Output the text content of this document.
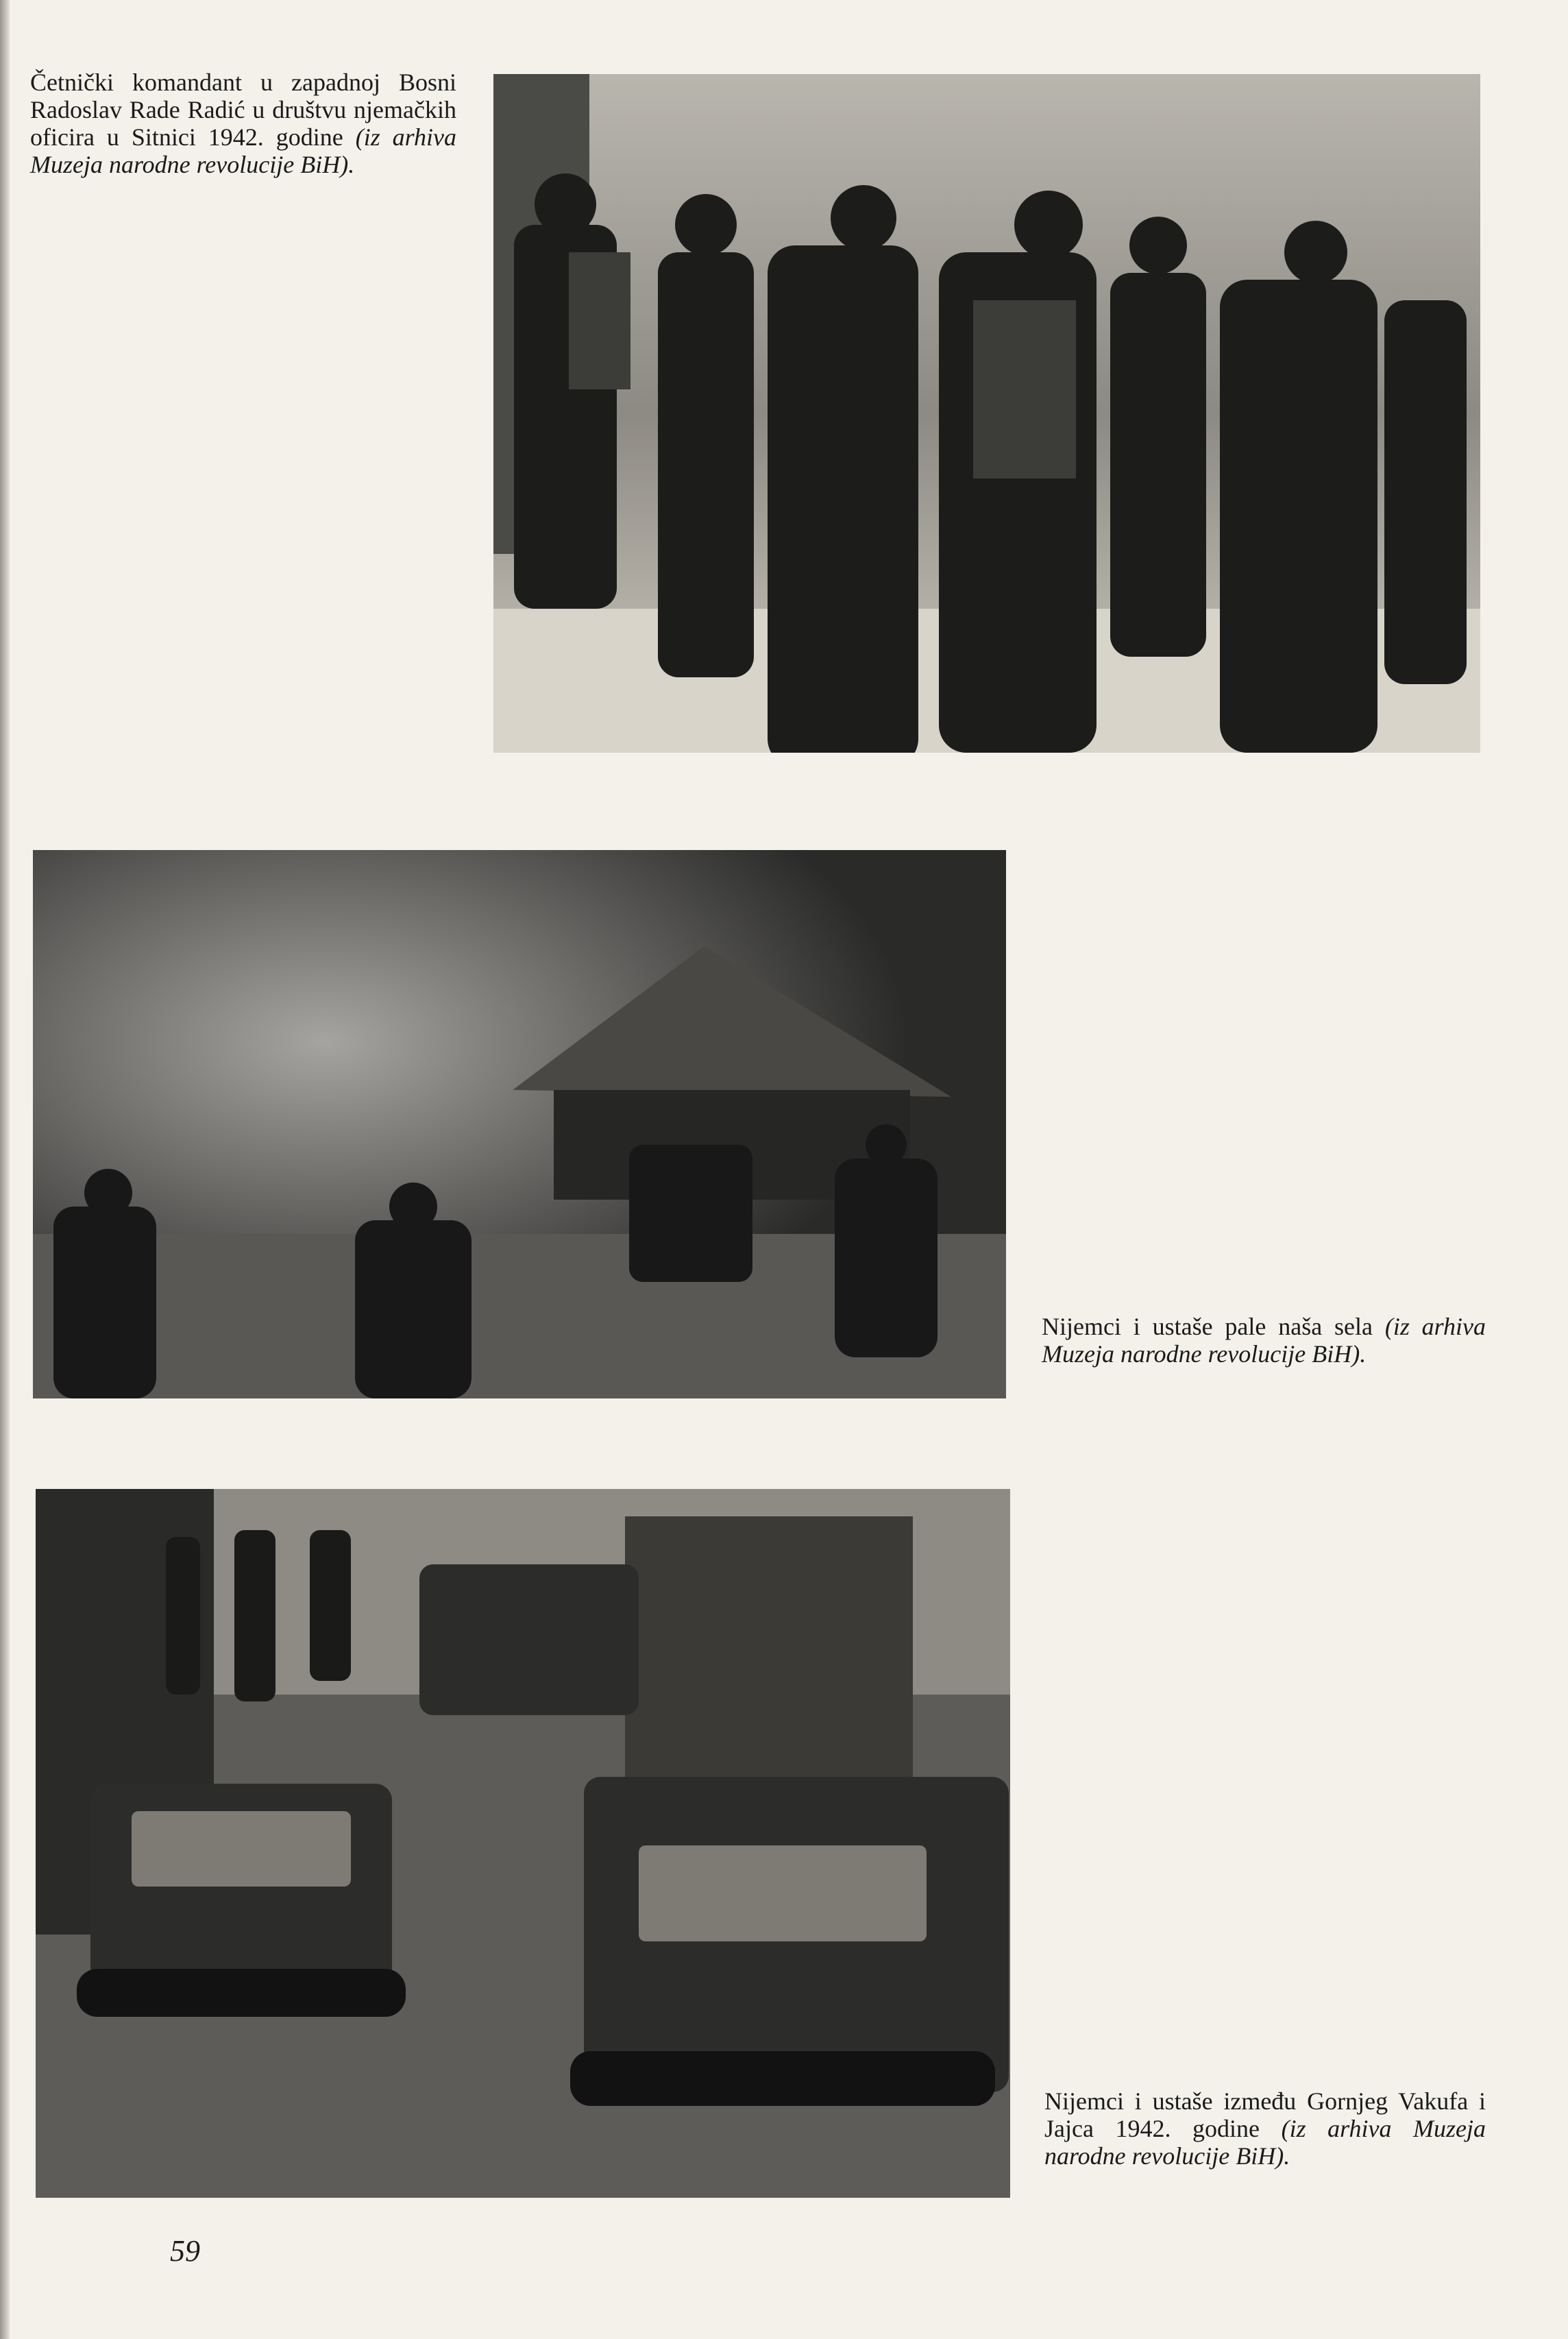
Četnički komandant u zapadnoj Bosni Radoslav Rade Radić u društvu njemačkih oficira u Sitnici 1942. godine (iz arhiva Muzeja narodne revolucije BiH).
Nijemci i ustaše pale naša sela (iz arhiva Muzeja narodne revolucije BiH).
Nijemci i ustaše između Gornjeg Vakufa i Jajca 1942. godine (iz arhiva Muzeja narodne revolucije BiH).
59
